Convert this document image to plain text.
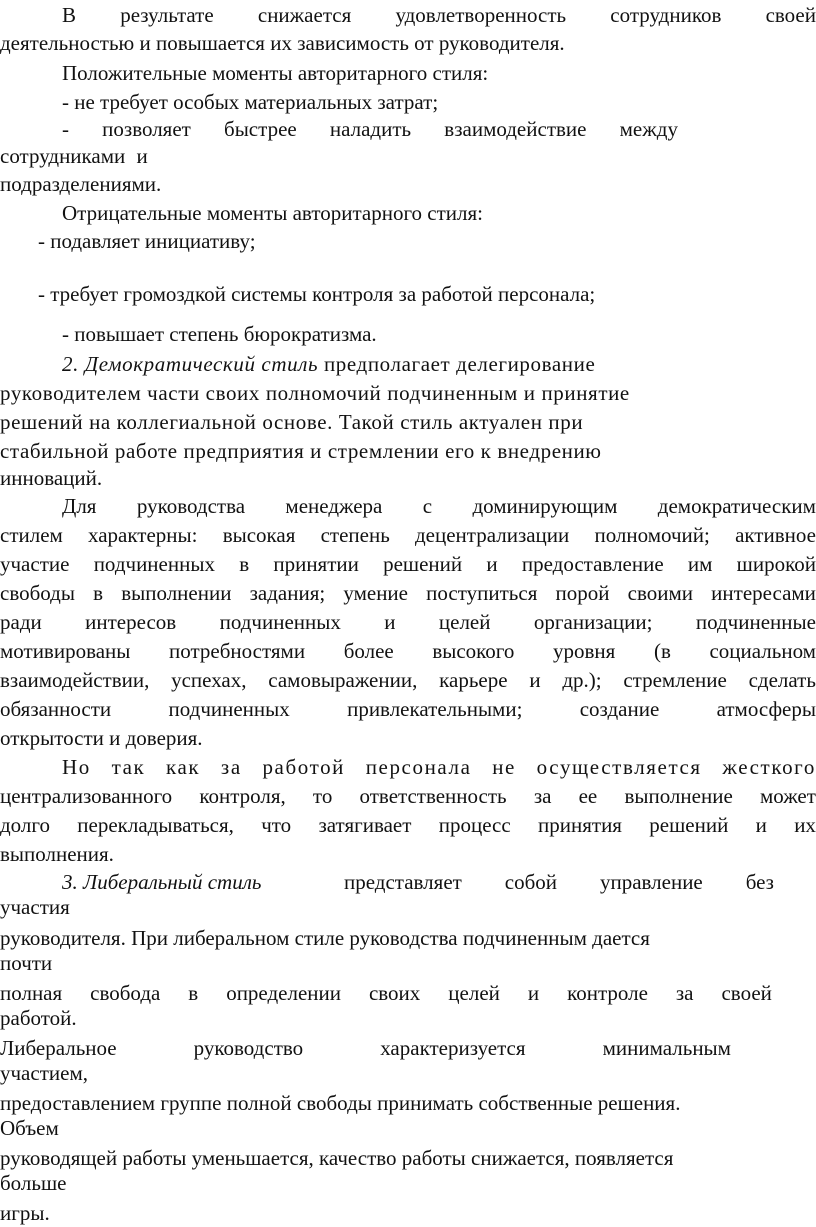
В результате снижается удовлетворенность сотрудников своей
деятельностью и повышается их зависимость от руководителя.
Положительные моменты авторитарного стиля:
- не требует особых материальных затрат;
- позволяет быстрее наладить взаимодействие между
сотрудниками и
подразделениями.
Отрицательные моменты авторитарного стиля:
- подавляет инициативу;
- требует громоздкой системы контроля за работой персонала;
- повышает степень бюрократизма.
2. Демократический стиль предполагает делегирование
руководителем части своих полномочий подчиненным и принятие
решений на коллегиальной основе. Такой стиль актуален при
стабильной работе предприятия и стремлении его к внедрению
инноваций.
Для руководства менеджера с доминирующим демократическим
стилем характерны: высокая степень децентрализации полномочий; активное
участие подчиненных в принятии решений и предоставление им широкой
свободы в выполнении задания; умение поступиться порой своими интересами
ради интересов подчиненных и целей организации; подчиненные
мотивированы потребностями более высокого уровня (в социальном
взаимодействии, успехах, самовыражении, карьере и др.); стремление сделать
обязанности	подчиненных	привлекательными;	создание	атмосферы
открытости и доверия.
Но так как за работой персонала не осуществляется жесткого
централизованного контроля, то ответственность за ее выполнение может
долго перекладываться, что затягивает процесс принятия решений и их
выполнения.
3. Либеральный стиль	представляет собой управление без
участия
руководителя. При либеральном стиле руководства подчиненным дается
почти
полная свобода в определении своих целей и контроле за своей
работой.
Либеральное	руководство	характеризуется	минимальным
участием,
предоставлением группе полной свободы принимать собственные решения.
Объем
руководящей работы уменьшается, качество работы снижается, появляется
больше
игры.
